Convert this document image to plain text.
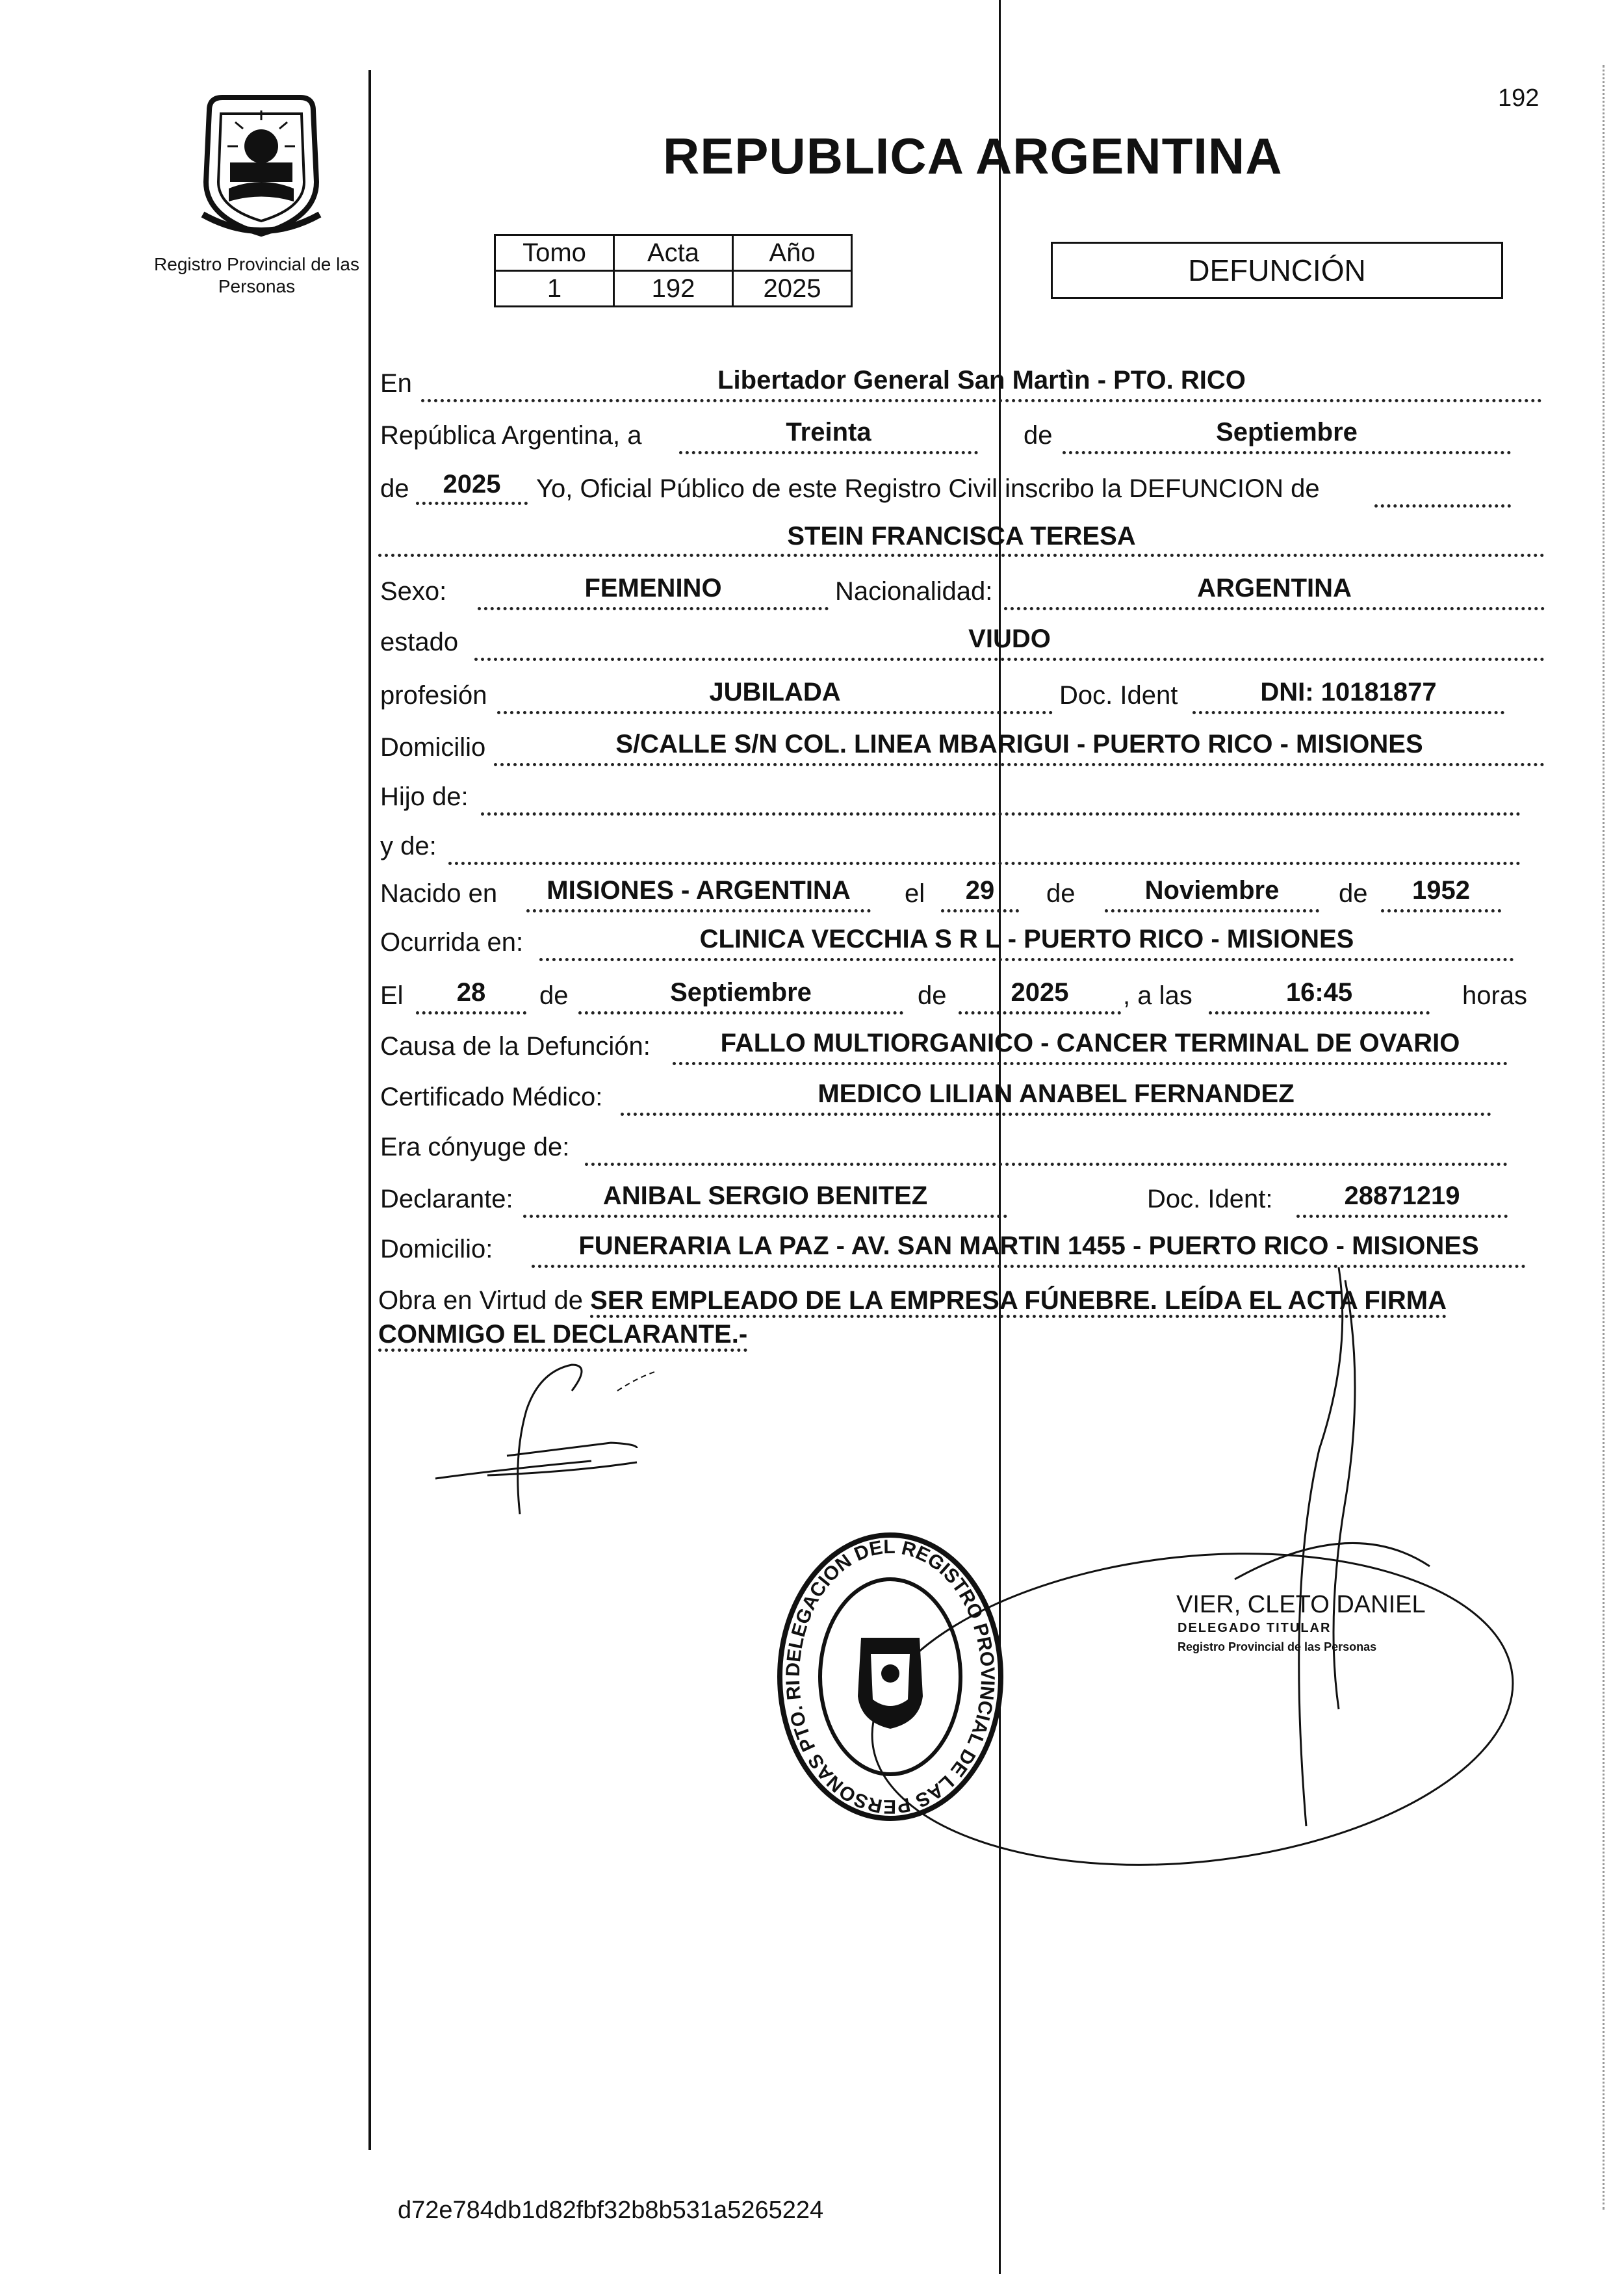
Registro Provincial de las Personas
192
REPUBLICA ARGENTINA
Tomo	Acta	Año
1	192	2025
DEFUNCIÓN
En	Libertador General San Martìn - PTO. RICO
República Argentina, a	Treinta	de	Septiembre
de	2025	Yo, Oficial Público de este Registro Civil inscribo la DEFUNCION de
STEIN FRANCISCA TERESA
Sexo:	FEMENINO	Nacionalidad:	ARGENTINA
estado	VIUDO
profesión	JUBILADA	Doc. Ident	DNI: 10181877
Domicilio	S/CALLE S/N COL. LINEA MBARIGUI - PUERTO RICO - MISIONES
Hijo de:
y de:
Nacido en	MISIONES - ARGENTINA	el	29	de	Noviembre	de	1952
Ocurrida en:	CLINICA VECCHIA S R L - PUERTO RICO - MISIONES
El	28	de	Septiembre	de	2025	, a las	16:45	horas
Causa de la Defunción:	FALLO MULTIORGANICO - CANCER TERMINAL DE OVARIO
Certificado Médico:	MEDICO LILIAN ANABEL FERNANDEZ
Era cónyuge de:
Declarante:	ANIBAL SERGIO BENITEZ	Doc. Ident:	28871219
Domicilio:	FUNERARIA LA PAZ - AV. SAN MARTIN 1455 - PUERTO RICO - MISIONES
Obra en Virtud de SER EMPLEADO DE LA EMPRESA FÚNEBRE. LEÍDA EL ACTA FIRMA
CONMIGO EL DECLARANTE.-
DELEGACION DEL REGISTRO PROVINCIAL DE LAS PERSONAS PTO. RI
VIER, CLETO DANIEL
DELEGADO TITULAR
Registro Provincial de las Personas
d72e784db1d82fbf32b8b531a5265224
